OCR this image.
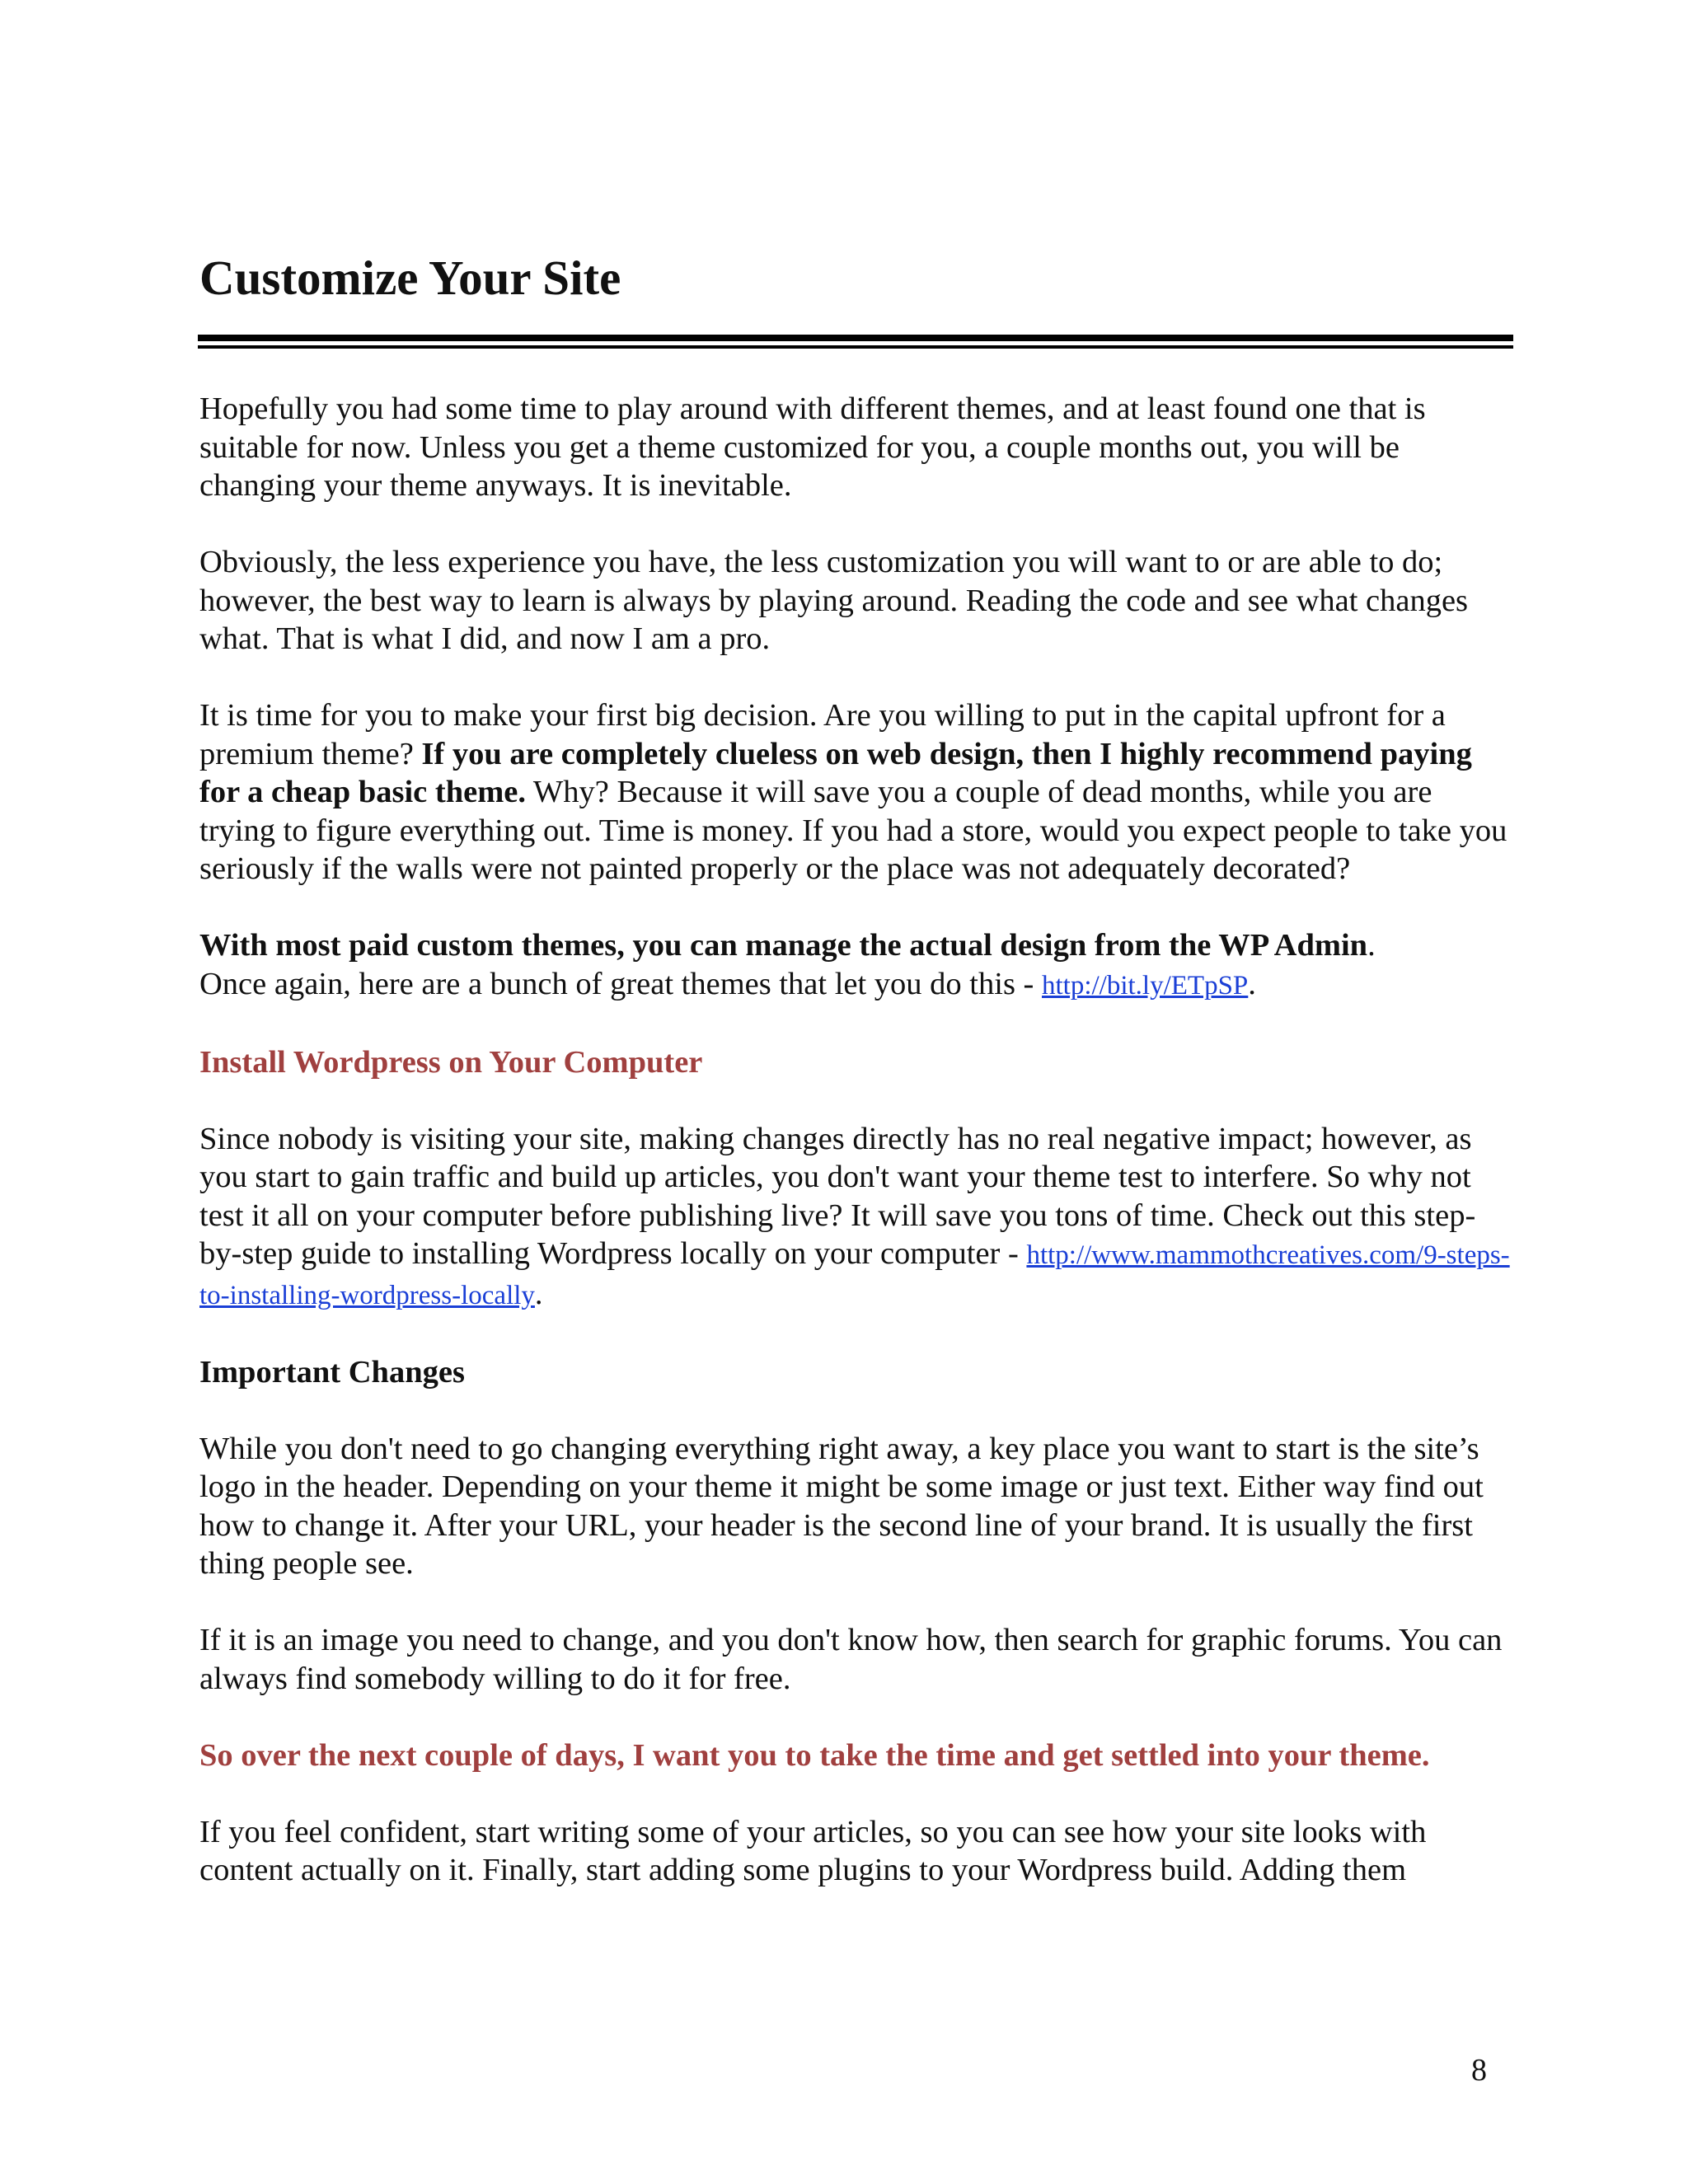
Customize Your Site

Hopefully you had some time to play around with different themes, and at least found one that is suitable for now. Unless you get a theme customized for you, a couple months out, you will be changing your theme anyways. It is inevitable.

Obviously, the less experience you have, the less customization you will want to or are able to do; however, the best way to learn is always by playing around. Reading the code and see what changes what. That is what I did, and now I am a pro.

It is time for you to make your first big decision. Are you willing to put in the capital upfront for a premium theme? If you are completely clueless on web design, then I highly recommend paying for a cheap basic theme. Why? Because it will save you a couple of dead months, while you are trying to figure everything out. Time is money. If you had a store, would you expect people to take you seriously if the walls were not painted properly or the place was not adequately decorated?

With most paid custom themes, you can manage the actual design from the WP Admin.
Once again, here are a bunch of great themes that let you do this - http://bit.ly/ETpSP.

Install Wordpress on Your Computer

Since nobody is visiting your site, making changes directly has no real negative impact; however, as you start to gain traffic and build up articles, you don't want your theme test to interfere. So why not test it all on your computer before publishing live? It will save you tons of time. Check out this step-by-step guide to installing Wordpress locally on your computer - http://www.mammothcreatives.com/9-steps-to-installing-wordpress-locally.

Important Changes

While you don't need to go changing everything right away, a key place you want to start is the site’s logo in the header. Depending on your theme it might be some image or just text. Either way find out how to change it. After your URL, your header is the second line of your brand. It is usually the first thing people see.

If it is an image you need to change, and you don't know how, then search for graphic forums. You can always find somebody willing to do it for free.

So over the next couple of days, I want you to take the time and get settled into your theme.

If you feel confident, start writing some of your articles, so you can see how your site looks with content actually on it. Finally, start adding some plugins to your Wordpress build. Adding them

8
